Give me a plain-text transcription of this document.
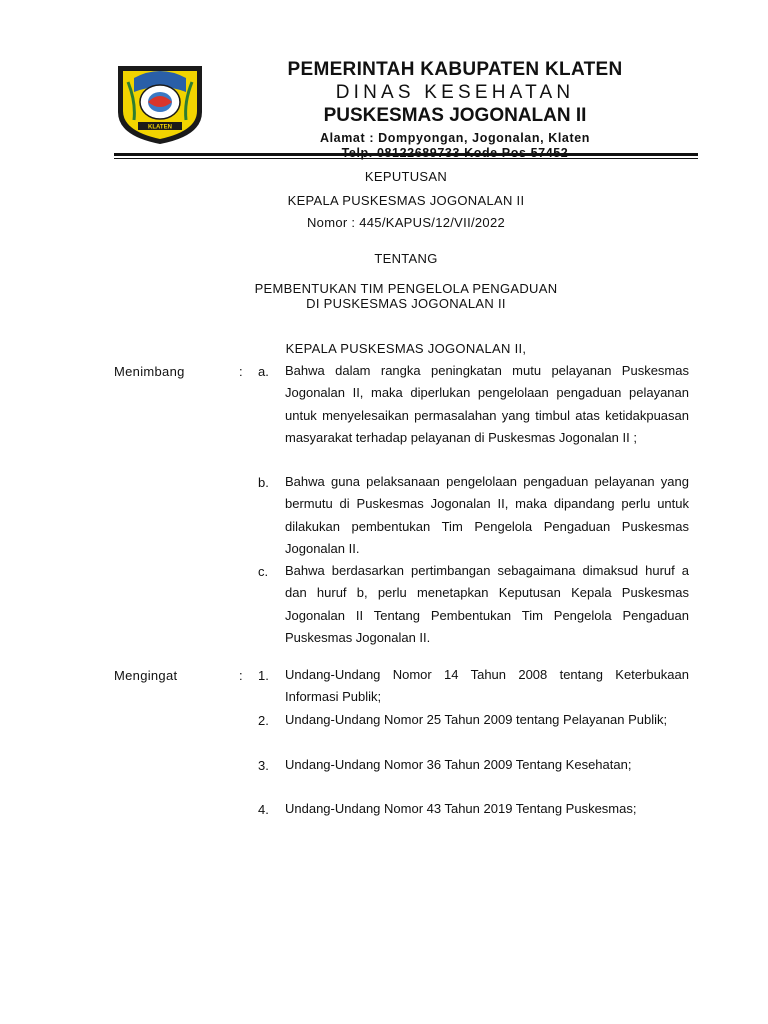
KLATEN
PEMERINTAH KABUPATEN KLATEN
DINAS KESEHATAN
PUSKESMAS JOGONALAN II
Alamat : Dompyongan, Jogonalan, Klaten
KEPUTUSAN
KEPALA PUSKESMAS JOGONALAN II
Nomor : 445/KAPUS/12/VII/2022
TENTANG
PEMBENTUKAN TIM PENGELOLA PENGADUAN
DI PUSKESMAS JOGONALAN II
KEPALA PUSKESMAS JOGONALAN II,
Menimbang	: a. Bahwa dalam rangka peningkatan mutu pelayanan Puskesmas Jogonalan II, maka diperlukan pengelolaan pengaduan pelayanan untuk menyelesaikan permasalahan yang timbul atas ketidakpuasan masyarakat terhadap pelayanan di Puskesmas Jogonalan II ;

b. Bahwa guna pelaksanaan pengelolaan pengaduan pelayanan yang bermutu di Puskesmas Jogonalan II, maka dipandang perlu untuk dilakukan pembentukan Tim Pengelola Pengaduan Puskesmas Jogonalan II.

c. Bahwa berdasarkan pertimbangan sebagaimana dimaksud huruf a dan huruf b, perlu menetapkan Keputusan Kepala Puskesmas Jogonalan II Tentang Pembentukan Tim Pengelola Pengaduan Puskesmas Jogonalan II.

Mengingat	: 1. Undang-Undang Nomor 14 Tahun 2008 tentang Keterbukaan Informasi Publik;

2. Undang-Undang Nomor 25 Tahun 2009 tentang Pelayanan Publik;

3. Undang-Undang Nomor 36 Tahun 2009 Tentang Kesehatan;

4. Undang-Undang Nomor 43 Tahun 2019 Tentang Puskesmas;
